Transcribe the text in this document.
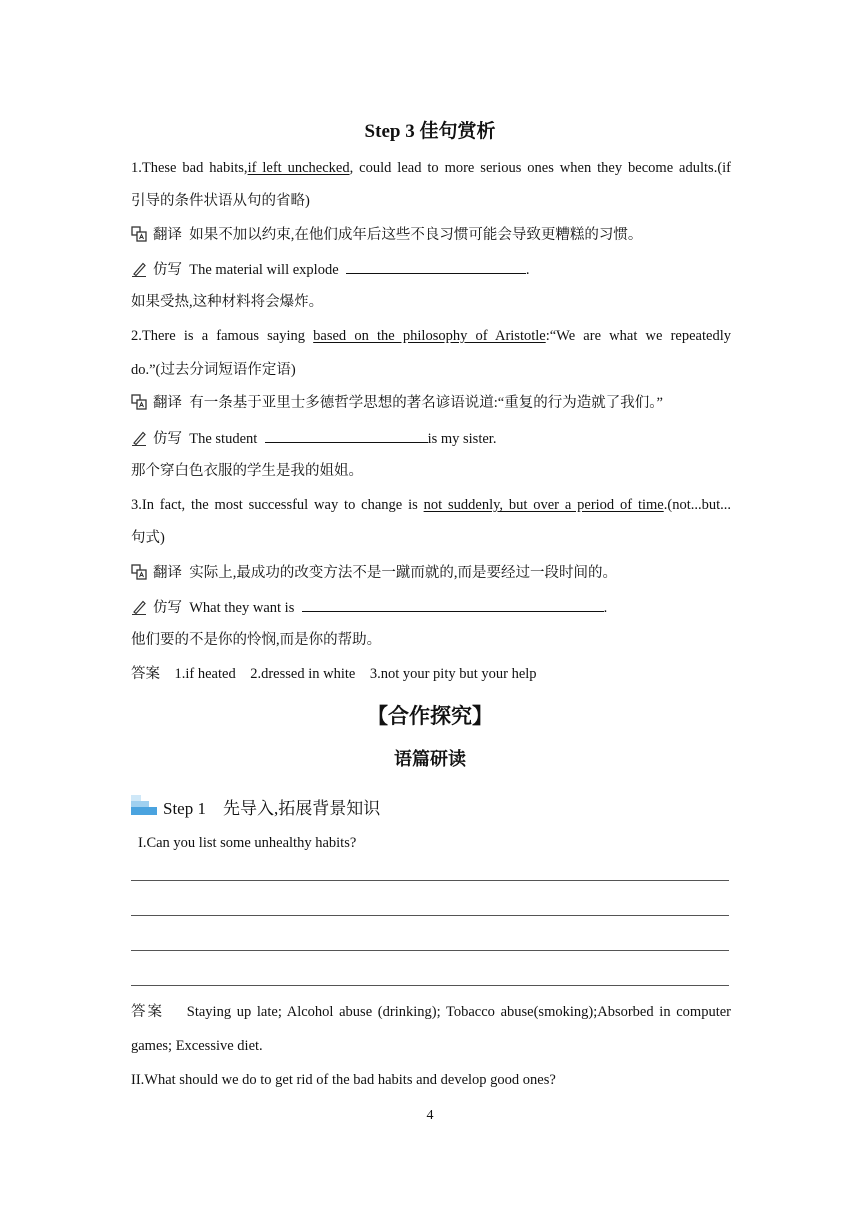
Step 3 佳句赏析
1.These bad habits,if left unchecked, could lead to more serious ones when they become adults.(if
引导的条件状语从句的省略)
翻译 如果不加以约束,在他们成年后这些不良习惯可能会导致更糟糕的习惯。
仿写 The material will explode	.
如果受热,这种材料将会爆炸。
2.There is a famous saying based on the philosophy of Aristotle:“We are what we repeatedly
do.”(过去分词短语作定语)
翻译 有一条基于亚里士多德哲学思想的著名谚语说道:“重复的行为造就了我们。”
仿写 The student	is my sister.
那个穿白色衣服的学生是我的姐姐。
3.In fact, the most successful way to change is not suddenly, but over a period of time.(not...but...
句式)
翻译 实际上,最成功的改变方法不是一蹴而就的,而是要经过一段时间的。
仿写 What they want is	.
他们要的不是你的怜悯,而是你的帮助。
答案 1.if heated 2.dressed in white 3.not your pity but your help
【合作探究】
语篇研读
Step 1　先导入,拓展背景知识
I.Can you list some unhealthy habits?
答案 Staying up late; Alcohol abuse (drinking); Tobacco abuse(smoking);Absorbed in computer
games; Excessive diet.
II.What should we do to get rid of the bad habits and develop good ones?
4
